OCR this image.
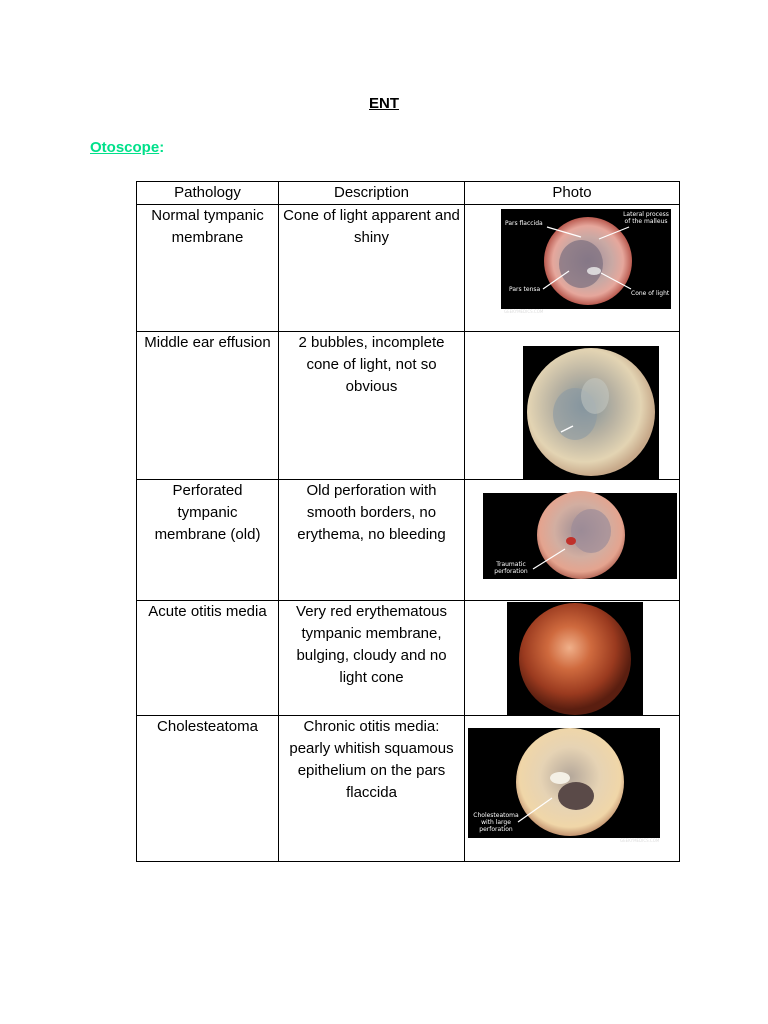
ENT
Otoscope:
Pathology	Description	Photo
Normal tympanic membrane	Cone of light apparent and shiny	Pars flaccida
Lateral process of the malleus
Pars tensa
Cone of light
GEEKYMEDICS.COM

Middle ear effusion	2 bubbles, incomplete cone of light, not so obvious	

Perforated tympanic membrane (old)	Old perforation with smooth borders, no erythema, no bleeding	Traumatic perforation

Acute otitis media	Very red erythematous tympanic membrane, bulging, cloudy and no light cone	

Cholesteatoma	Chronic otitis media: pearly whitish squamous epithelium on the pars flaccida	Cholesteatoma with large perforation
GEEKYMEDICS.COM
